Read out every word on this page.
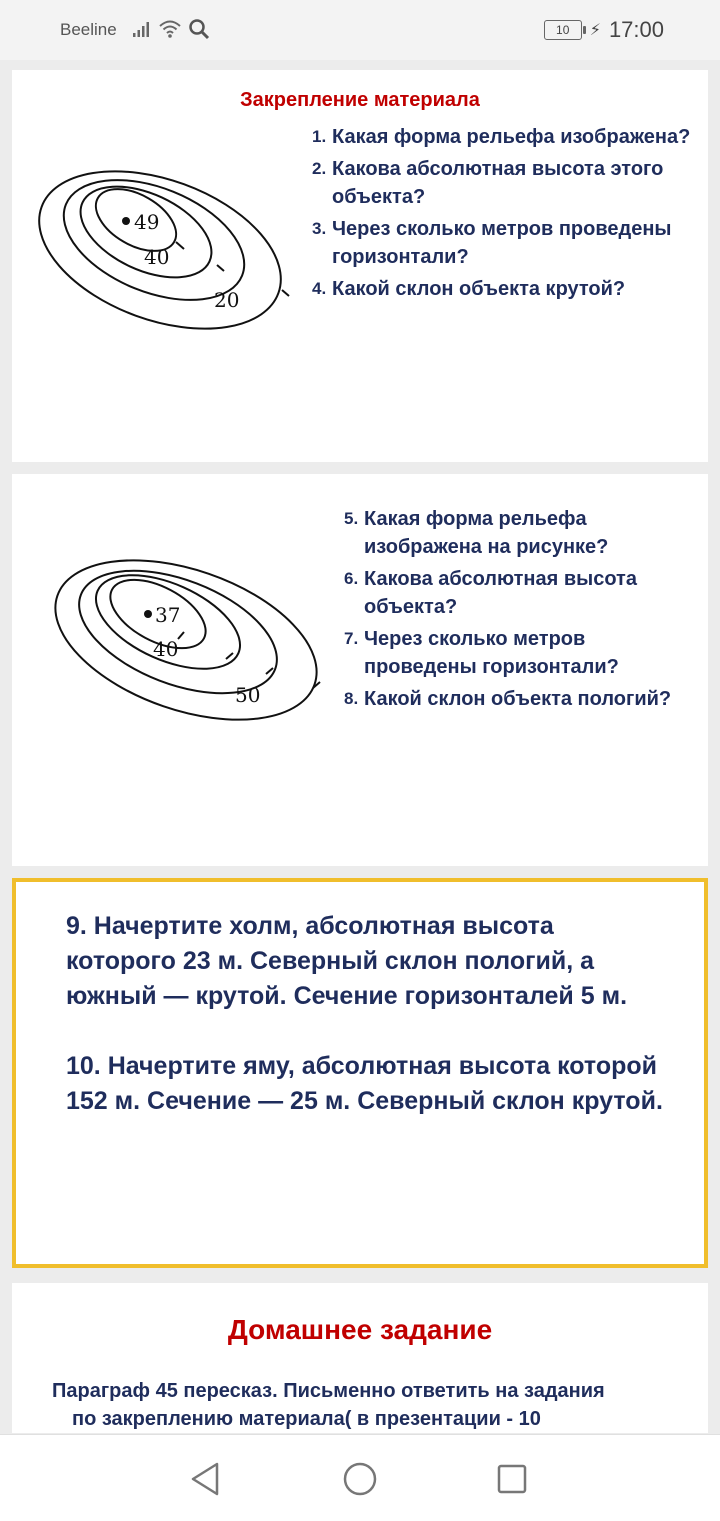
Beeline	10	⚡ 17:00
Закрепление материала
49
40
20
1. Какая форма рельефа изображена?
2. Какова абсолютная высота этого объекта?
3. Через сколько метров проведены горизонтали?
4. Какой склон объекта крутой?
37
40
50
5. Какая форма рельефа изображена на рисунке?
6. Какова абсолютная высота объекта?
7. Через сколько метров проведены горизонтали?
8. Какой склон объекта пологий?

9. Начертите холм, абсолютная высота которого 23 м. Северный склон пологий, а южный — крутой. Сечение горизонталей 5 м.

10. Начертите яму, абсолютная высота которой 152 м. Сечение — 25 м. Северный склон крутой.

Домашнее задание
Параграф 45 пересказ. Письменно ответить на задания
по закреплению материала( в презентации - 10
